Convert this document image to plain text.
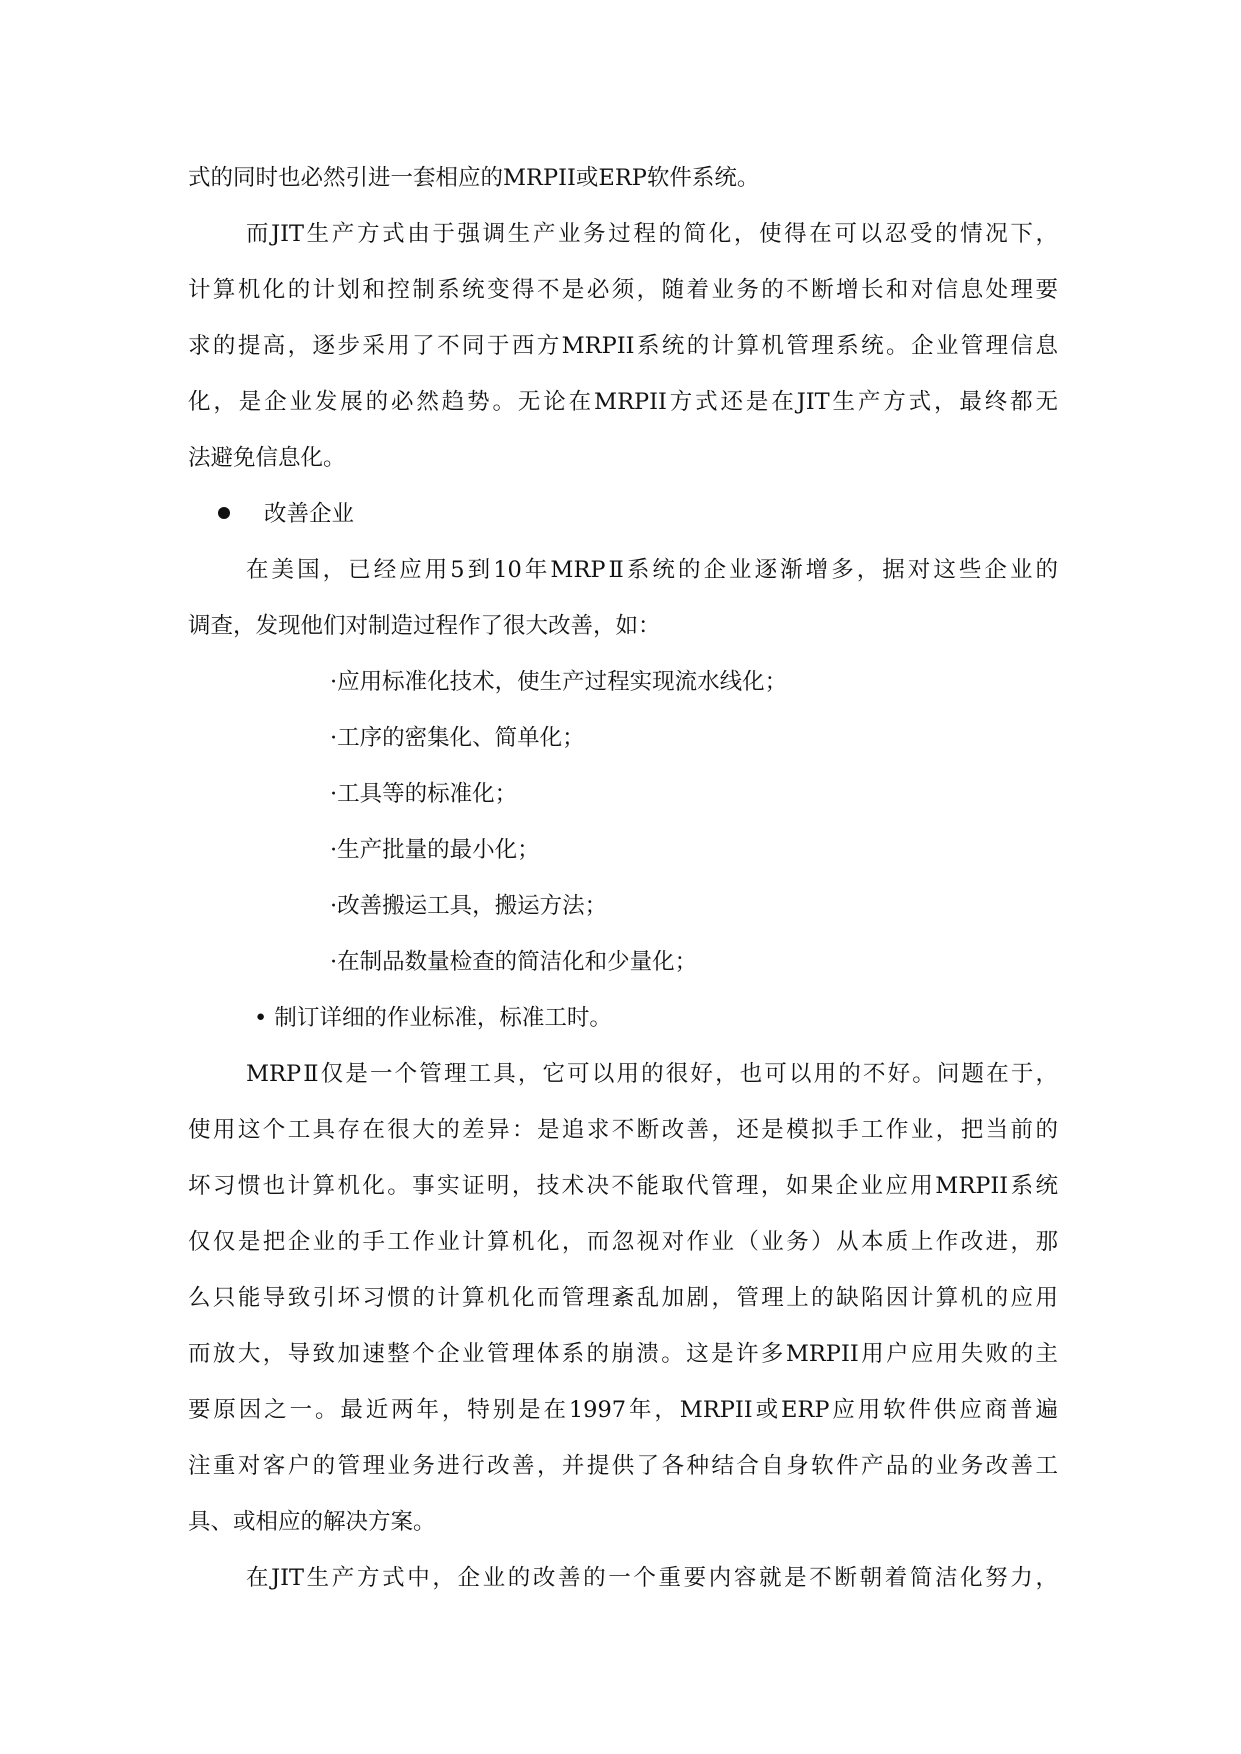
式的同时也必然引进一套相应的MRPII或ERP软件系统。
而JIT生产方式由于强调生产业务过程的简化，使得在可以忍受的情况下，
计算机化的计划和控制系统变得不是必须，随着业务的不断增长和对信息处理要
求的提高，逐步采用了不同于西方MRPII系统的计算机管理系统。企业管理信息
化，是企业发展的必然趋势。无论在MRPII方式还是在JIT生产方式，最终都无
法避免信息化。
改善企业
在美国，已经应用5到10年MRPⅡ系统的企业逐渐增多，据对这些企业的
调查，发现他们对制造过程作了很大改善，如：
·应用标准化技术，使生产过程实现流水线化；
·工序的密集化、简单化；
·工具等的标准化；
·生产批量的最小化；
·改善搬运工具，搬运方法；
·在制品数量检查的简洁化和少量化；
• 制订详细的作业标准，标准工时。
MRPⅡ仅是一个管理工具，它可以用的很好，也可以用的不好。问题在于，
使用这个工具存在很大的差异：是追求不断改善，还是模拟手工作业，把当前的
坏习惯也计算机化。事实证明，技术决不能取代管理，如果企业应用MRPII系统
仅仅是把企业的手工作业计算机化，而忽视对作业（业务）从本质上作改进，那
么只能导致引坏习惯的计算机化而管理紊乱加剧，管理上的缺陷因计算机的应用
而放大，导致加速整个企业管理体系的崩溃。这是许多MRPII用户应用失败的主
要原因之一。最近两年，特别是在1997年，MRPII或ERP应用软件供应商普遍
注重对客户的管理业务进行改善，并提供了各种结合自身软件产品的业务改善工
具、或相应的解决方案。
在JIT生产方式中，企业的改善的一个重要内容就是不断朝着简洁化努力，
